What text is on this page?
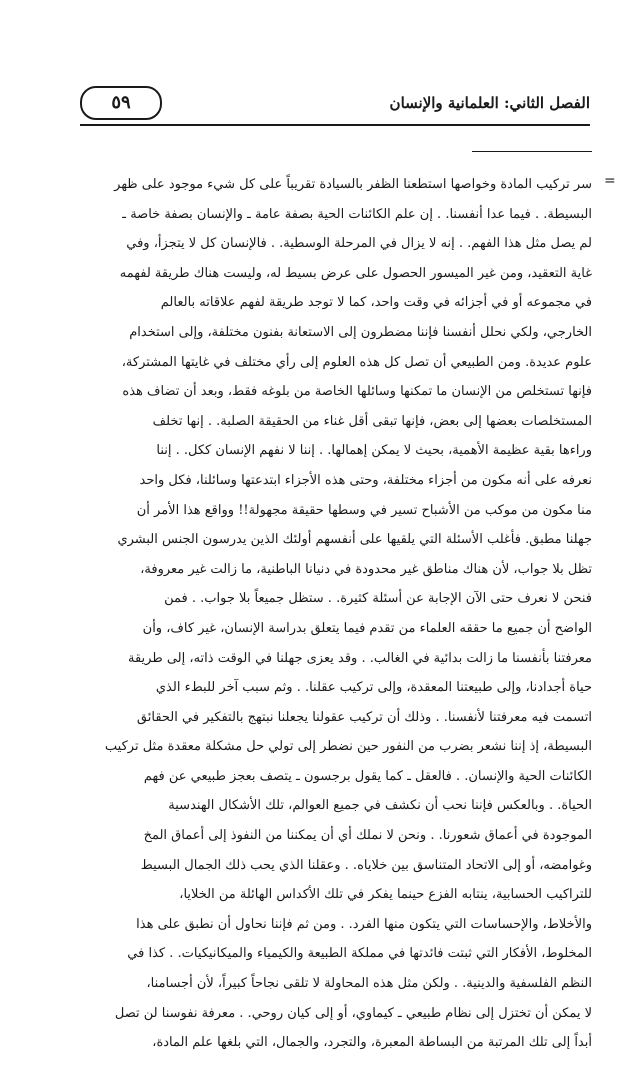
الفصل الثاني: العلمانية والإنسان
٥٩
=
سر تركيب المادة وخواصها استطعنا الظفر بالسيادة تقريباً على كل شيء موجود على ظهر
البسيطة. . فيما عدا أنفسنا. . إن علم الكائنات الحية بصفة عامة ـ والإنسان بصفة خاصة ـ
لم يصل مثل هذا الفهم. . إنه لا يزال في المرحلة الوسطية. . فالإنسان كل لا يتجزأ، وفي
غاية التعقيد، ومن غير الميسور الحصول على عرض بسيط له، وليست هناك طريقة لفهمه
في مجموعه أو في أجزائه في وقت واحد، كما لا توجد طريقة لفهم علاقاته بالعالم
الخارجي، ولكي نحلل أنفسنا فإننا مضطرون إلى الاستعانة بفنون مختلفة، وإلى استخدام
علوم عديدة. ومن الطبيعي أن تصل كل هذه العلوم إلى رأي مختلف في غايتها المشتركة،
فإنها تستخلص من الإنسان ما تمكنها وسائلها الخاصة من بلوغه فقط، وبعد أن تضاف هذه
المستخلصات بعضها إلى بعض، فإنها تبقى أقل غناء من الحقيقة الصلبة. . إنها تخلف
وراءها بقية عظيمة الأهمية، بحيث لا يمكن إهمالها. . إننا لا نفهم الإنسان ككل. . إننا
نعرفه على أنه مكون من أجزاء مختلفة، وحتى هذه الأجزاء ابتدعتها وسائلنا، فكل واحد
منا مكون من موكب من الأشباح تسير في وسطها حقيقة مجهولة!! وواقع هذا الأمر أن
جهلنا مطبق. فأغلب الأسئلة التي يلقيها على أنفسهم أولئك الذين يدرسون الجنس البشري
تظل بلا جواب، لأن هناك مناطق غير محدودة في دنيانا الباطنية، ما زالت غير معروفة،
فنحن لا نعرف حتى الآن الإجابة عن أسئلة كثيرة. . ستظل جميعاً بلا جواب. . فمن
الواضح أن جميع ما حققه العلماء من تقدم فيما يتعلق بدراسة الإنسان، غير كاف، وأن
معرفتنا بأنفسنا ما زالت بدائية في الغالب. . وقد يعزى جهلنا في الوقت ذاته، إلى طريقة
حياة أجدادنا، وإلى طبيعتنا المعقدة، وإلى تركيب عقلنا. . وثم سبب آخر للبطء الذي
اتسمت فيه معرفتنا لأنفسنا. . وذلك أن تركيب عقولنا يجعلنا نبتهج بالتفكير في الحقائق
البسيطة، إذ إننا نشعر بضرب من النفور حين نضطر إلى تولي حل مشكلة معقدة مثل تركيب
الكائنات الحية والإنسان. . فالعقل ـ كما يقول برجسون ـ يتصف بعجز طبيعي عن فهم
الحياة. . وبالعكس فإننا نحب أن نكشف في جميع العوالم، تلك الأشكال الهندسية
الموجودة في أعماق شعورنا. . ونحن لا نملك أي أن يمكننا من النفوذ إلى أعماق المخ
وغوامضه، أو إلى الاتحاد المتناسق بين خلاياه. . وعقلنا الذي يحب ذلك الجمال البسيط
للتراكيب الحسابية، ينتابه الفزع حينما يفكر في تلك الأكداس الهائلة من الخلايا،
والأخلاط، والإحساسات التي يتكون منها الفرد. . ومن ثم فإننا نحاول أن نطبق على هذا
المخلوط، الأفكار التي ثبتت فائدتها في مملكة الطبيعة والكيمياء والميكانيكيات. . كذا في
النظم الفلسفية والدينية. . ولكن مثل هذه المحاولة لا تلقى نجاحاً كبيراً، لأن أجسامنا،
لا يمكن أن تختزل إلى نظام طبيعي ـ كيماوي، أو إلى كيان روحي. . معرفة نفوسنا لن تصل
أبداً إلى تلك المرتبة من البساطة المعبرة، والتجرد، والجمال، التي بلغها علم المادة،
